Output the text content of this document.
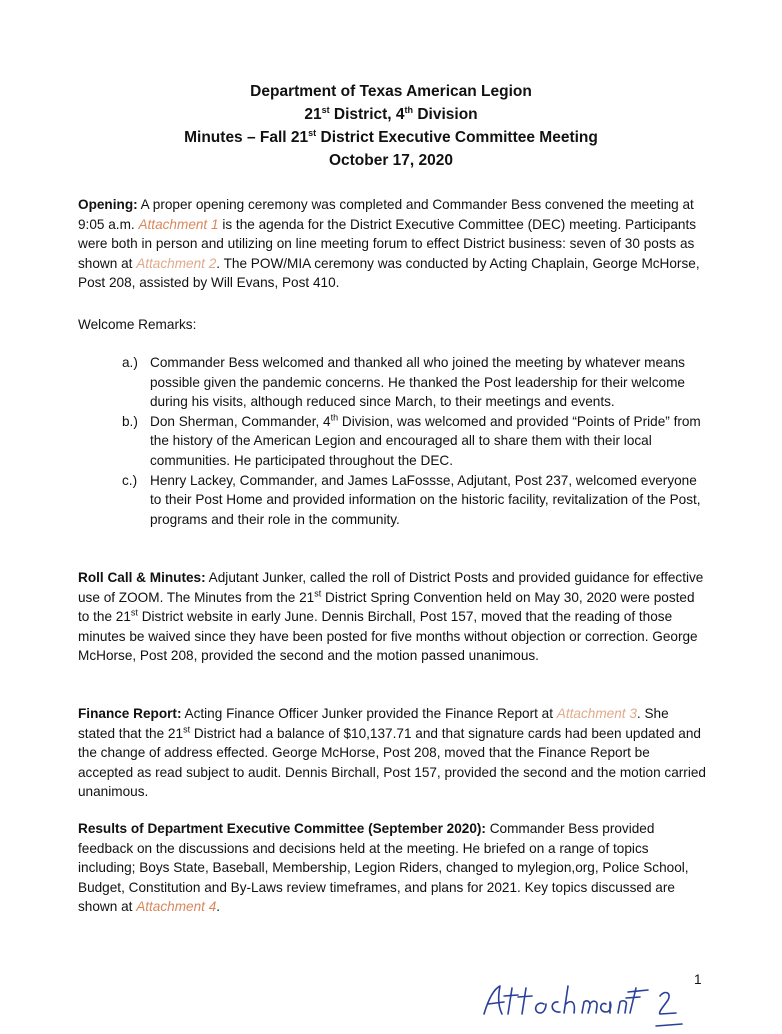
Department of Texas American Legion
21st District, 4th Division
Minutes – Fall 21st District Executive Committee Meeting
October 17, 2020
Opening: A proper opening ceremony was completed and Commander Bess convened the meeting at 9:05 a.m. Attachment 1 is the agenda for the District Executive Committee (DEC) meeting. Participants were both in person and utilizing on line meeting forum to effect District business: seven of 30 posts as shown at Attachment 2. The POW/MIA ceremony was conducted by Acting Chaplain, George McHorse, Post 208, assisted by Will Evans, Post 410.
Welcome Remarks:
a.) Commander Bess welcomed and thanked all who joined the meeting by whatever means possible given the pandemic concerns. He thanked the Post leadership for their welcome during his visits, although reduced since March, to their meetings and events.
b.) Don Sherman, Commander, 4th Division, was welcomed and provided “Points of Pride” from the history of the American Legion and encouraged all to share them with their local communities. He participated throughout the DEC.
c.) Henry Lackey, Commander, and James LaFossse, Adjutant, Post 237, welcomed everyone to their Post Home and provided information on the historic facility, revitalization of the Post, programs and their role in the community.
Roll Call & Minutes: Adjutant Junker, called the roll of District Posts and provided guidance for effective use of ZOOM. The Minutes from the 21st District Spring Convention held on May 30, 2020 were posted to the 21st District website in early June. Dennis Birchall, Post 157, moved that the reading of those minutes be waived since they have been posted for five months without objection or correction. George McHorse, Post 208, provided the second and the motion passed unanimous.
Finance Report: Acting Finance Officer Junker provided the Finance Report at Attachment 3. She stated that the 21st District had a balance of $10,137.71 and that signature cards had been updated and the change of address effected. George McHorse, Post 208, moved that the Finance Report be accepted as read subject to audit. Dennis Birchall, Post 157, provided the second and the motion carried unanimous.
Results of Department Executive Committee (September 2020): Commander Bess provided feedback on the discussions and decisions held at the meeting. He briefed on a range of topics including; Boys State, Baseball, Membership, Legion Riders, changed to mylegion,org, Police School, Budget, Constitution and By-Laws review timeframes, and plans for 2021. Key topics discussed are shown at Attachment 4.
1
